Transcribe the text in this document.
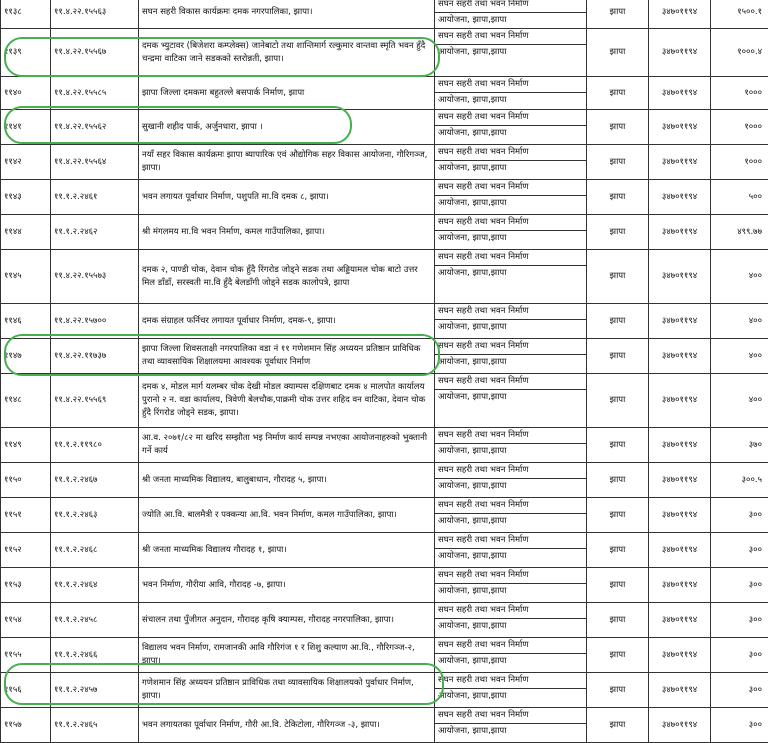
११३८	११.४.२२.१५५६३	सघन सहरी विकास कार्यक्रमः दमक नगरपालिका, झापा।	सघन सहरी तथा भवन निर्माण
आयोजना, झापा,झापा	झापा	३४७०११९४	१५००.१
११३९	११.४.२२.१५५६७	दमक भ्युटावर (बिजेशरा कम्प्लेक्स) जानेबाटो तथा शान्तिमार्ग रल्कुमार वान्तवा स्मृति भवन हुँदै चन्द्रमा वाटिका जाने सडकको स्तरोन्नती, झापा।	सघन सहरी तथा भवन निर्माण
आयोजना, झापा,झापा	झापा	३४७०११९४	१०००.४
११४०	११.४.२२.१५५८५	झापा जिल्ला दमकमा बहुतल्ले बसपार्क निर्माण, झापा	सघन सहरी तथा भवन निर्माण
आयोजना, झापा,झापा	झापा	३४७०११९४	१०००
११४१	११.४.२२.१५५६२	सुखानी शहीद पार्क, अर्जुनधारा, झापा ।	सघन सहरी तथा भवन निर्माण
आयोजना, झापा,झापा	झापा	३४७०११९४	१०००
११४२	११.४.२२.१५५६४	नयाँ सहर विकास कार्यक्रमः झापा ब्यापारिक एवं औद्योगिक सहर विकास आयोजना, गौरिगञ्ज, झापा।	सघन सहरी तथा भवन निर्माण
आयोजना, झापा,झापा	झापा	३४७०११९४	१०००
११४३	११.१.२.२४६१	भवन लगायत पूर्वाधार निर्माण, पशुपति मा.वि दमक ८, झापा।	सघन सहरी तथा भवन निर्माण
आयोजना, झापा,झापा	झापा	३४७०११९४	५००
११४४	११.१.२.२४६२	श्री मंगलमय मा.वि भवन निर्माण, कमल गाउँपालिका, झापा।	सघन सहरी तथा भवन निर्माण
आयोजना, झापा,झापा	झापा	३४७०११९४	४९९.७७
११४५	११.४.२२.१५५७३	दमक २, पाण्डी चोक, देवान चोक हुँदै रिंगरोड जोड्ने सडक तथा अड्डियामल चोक बाटो उत्तर मिल डाँडाँ, सरस्वती मा.वि हुँदै बेलडाँगी जोड्ने सडक कालोपत्रे, झापा	सघन सहरी तथा भवन निर्माण
आयोजना, झापा,झापा	झापा	३४७०११९४	४००
११४६	११.४.२२.१५७००	दमक संग्राहल फर्निचर लगायत पूर्वाधार निर्माण, दमक-९, झापा।	सघन सहरी तथा भवन निर्माण
आयोजना, झापा,झापा	झापा	३४७०११९४	४००
११४७	११.४.२२.११७३७	झापा जिल्ला शिवसताक्षी नगरपालिका वडा नं ११ गणेशमान सिंह अध्ययन प्रतिष्ठान प्राविधिक तथा व्यावसायिक शिक्षालयमा आवश्यक पूर्वाधार निर्माण	सघन सहरी तथा भवन निर्माण
आयोजना, झापा,झापा	झापा	३४७०११९४	४००
११४८	११.४.२२.१५५६९	दमक ४, मोडल मार्ग यलम्बर चोक देखी मोडल क्याम्पस दक्षिणबाट दमक ४ मालपोत कार्यालय पुरानो २ न. वडा कार्यालय, त्रिवेणी बेलचौक,पाक्रमी चोक उत्तर शहिद वन वाटिका, देवान चोक हुँदै रिंगरोड जोड्ने सडक, झापा।	सघन सहरी तथा भवन निर्माण
आयोजना, झापा,झापा	झापा	३४७०११९४	४००
११४९	११.१.२.११९८०	आ.व. २०७१/८२ मा खरिद सम्झौता भइ निर्माण कार्य सम्पन्न नभएका आयोजनाहरुको भुक्तानी गर्ने कार्य	सघन सहरी तथा भवन निर्माण
आयोजना, झापा,झापा	झापा	३४७०११९४	३७०
११५०	११.१.२.२४६७	श्री जनता माध्यमिक विद्यालय, बालुबाधान, गौरादह ५, झापा।	सघन सहरी तथा भवन निर्माण
आयोजना, झापा,झापा	झापा	३४७०११९४	३००.५
११५१	११.१.२.२४६३	ज्योति आ.वि. बालमैत्री र पक्कन्या आ.वि. भवन निर्माण, कमल गाउँपालिका, झापा।	सघन सहरी तथा भवन निर्माण
आयोजना, झापा,झापा	झापा	३४७०११९४	३००
११५२	११.१.२.२४६८	श्री जनता माध्यमिक विद्यालय गौरादह १, झापा।	सघन सहरी तथा भवन निर्माण
आयोजना, झापा,झापा	झापा	३४७०११९४	३००
११५३	११.१.२.२४६४	भवन निर्माण, गौरीया आवि, गौरादह -७, झापा।	सघन सहरी तथा भवन निर्माण
आयोजना, झापा,झापा	झापा	३४७०११९४	३००
११५४	११.१.२.२४५८	संचालन तथा पुँजीगत अनुदान, गौरादह कृषि क्याम्पस, गौरादह नगरपालिका, झापा।	सघन सहरी तथा भवन निर्माण
आयोजना, झापा,झापा	झापा	३४७०११९४	३००
११५५	११.१.२.२४६६	विद्यालय भवन निर्माण, रामजानकी आवि गौरिगंज १ र शिशु कल्याण आ.वि., गौरिगञ्ज-२, झापा।	सघन सहरी तथा भवन निर्माण
आयोजना, झापा,झापा	झापा	३४७०११९४	३००
११५६	११.१.२.२४५७	गणेशमान सिंह अध्ययन प्रतिष्ठान प्राविधिक तथा व्यावसायिक शिक्षालयको पुर्वाधार निर्माण, झापा।	सघन सहरी तथा भवन निर्माण
आयोजना, झापा,झापा	झापा	३४७०११९४	३००
११५७	११.१.२.२४६५	भवन लगायतका पूर्वाधार निर्माण, गौरी आ.वि. टेकिटोला, गौरिगञ्ज -३, झापा।	सघन सहरी तथा भवन निर्माण
आयोजना, झापा,झापा	झापा	३४७०११९४	३००
